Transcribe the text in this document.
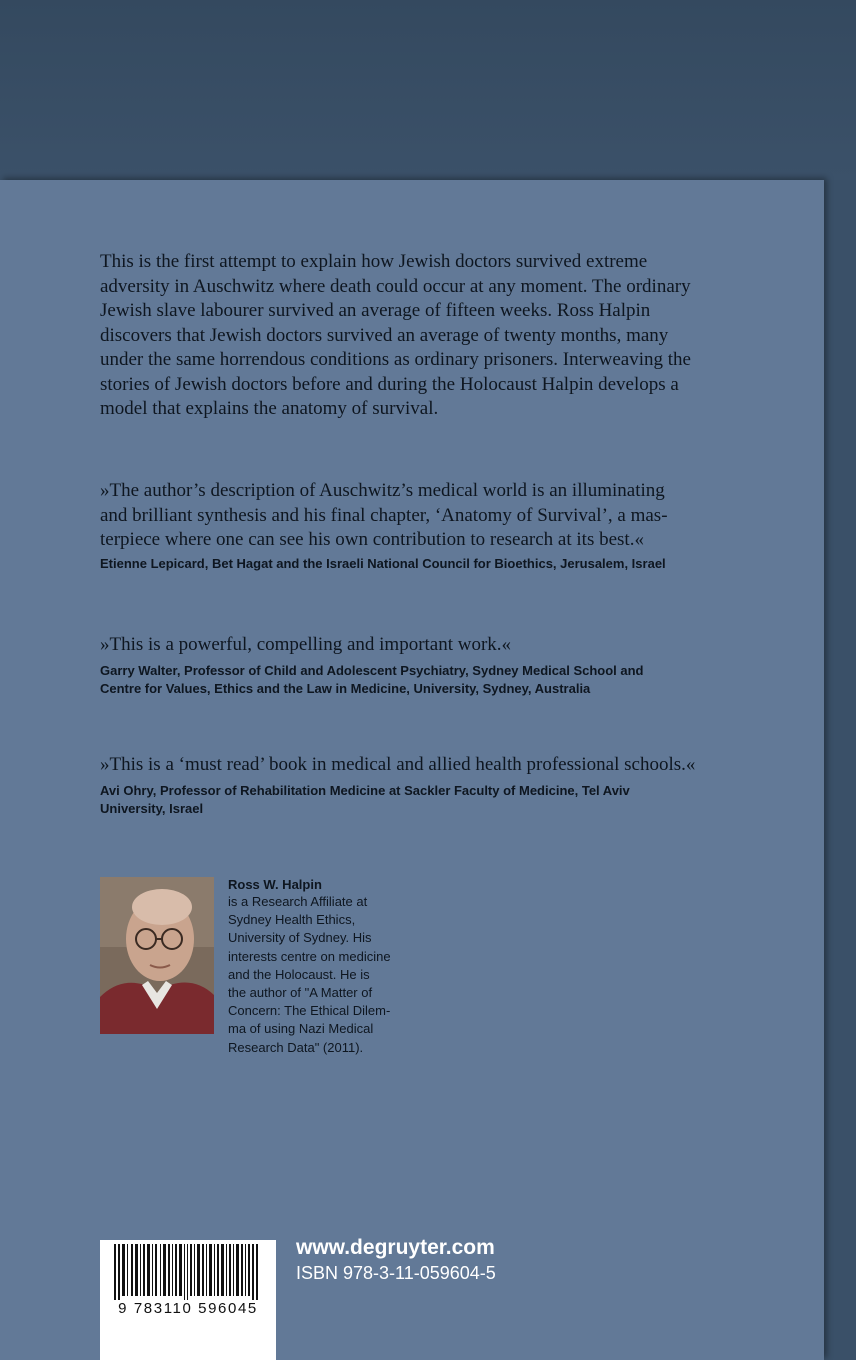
This is the first attempt to explain how Jewish doctors survived extreme
adversity in Auschwitz where death could occur at any moment. The ordinary
Jewish slave labourer survived an average of fifteen weeks. Ross Halpin
discovers that Jewish doctors survived an average of twenty months, many
under the same horrendous conditions as ordinary prisoners. Interweaving the
stories of Jewish doctors before and during the Holocaust Halpin develops a
model that explains the anatomy of survival.

»The author’s description of Auschwitz’s medical world is an illuminating
and brilliant synthesis and his final chapter, ‘Anatomy of Survival’, a mas-
terpiece where one can see his own contribution to research at its best.«

Etienne Lepicard, Bet Hagat and the Israeli National Council for Bioethics, Jerusalem, Israel

»This is a powerful, compelling and important work.«

Garry Walter, Professor of Child and Adolescent Psychiatry, Sydney Medical School and
Centre for Values, Ethics and the Law in Medicine, University, Sydney, Australia

»This is a ‘must read’ book in medical and allied health professional schools.«

Avi Ohry, Professor of Rehabilitation Medicine at Sackler Faculty of Medicine, Tel Aviv
University, Israel

Ross W. Halpin
is a Research Affiliate at
Sydney Health Ethics,
University of Sydney. His
interests centre on medicine
and the Holocaust. He is
the author of "A Matter of
Concern: The Ethical Dilem-
ma of using Nazi Medical
Research Data" (2011).
9 783110 596045
www.degruyter.com
ISBN 978-3-11-059604-5
